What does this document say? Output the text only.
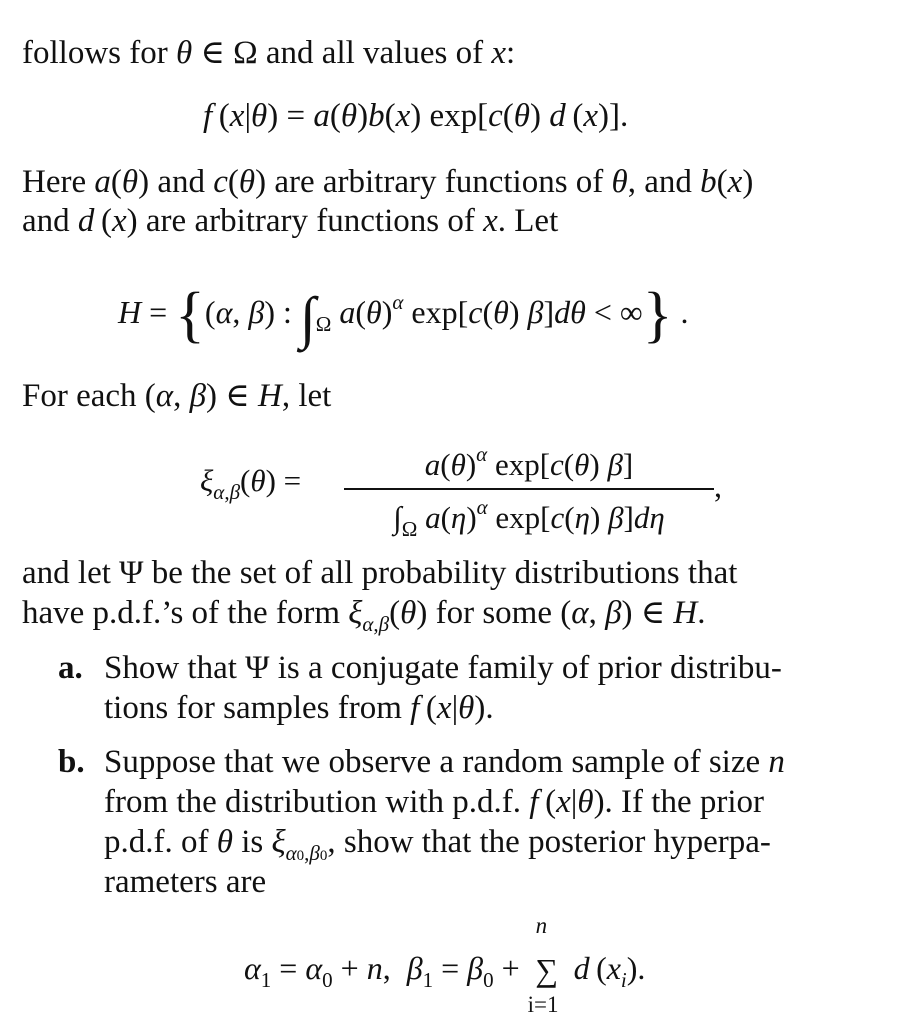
follows for θ ∈ Ω and all values of x:
f (x|θ) = a(θ)b(x) exp[c(θ) d (x)].
Here a(θ) and c(θ) are arbitrary functions of θ, and b(x)
and d (x) are arbitrary functions of x. Let
H = {(α, β) : $\int_\Omega$ $a(\theta)^\alpha$ exp[c(θ) β]dθ < ∞} .
For each (α, β) ∈ H, let
$\xi_{\alpha,\beta}(\theta)$ =	$a(\theta)^\alpha$ exp[c(θ) β]
$\int_\Omega$ $a(\eta)^\alpha$ exp[c(η) β]dη
,
and let Ψ be the set of all probability distributions that
have p.d.f.’s of the form $\xi_{\alpha,\beta}(\theta)$ for some (α, β) ∈ H.
a. Show that Ψ is a conjugate family of prior distribu-
tions for samples from f (x|θ).
b. Suppose that we observe a random sample of size n
from the distribution with p.d.f. f (x|θ). If the prior
p.d.f. of θ is $\xi_{\alpha 0,\beta 0}$, show that the posterior hyperpa-
rameters are
$\alpha_1 = \alpha_0 + n$,  $\beta_1 = \beta_0$ + ∑
n
i=1
d $(x_i)$.
